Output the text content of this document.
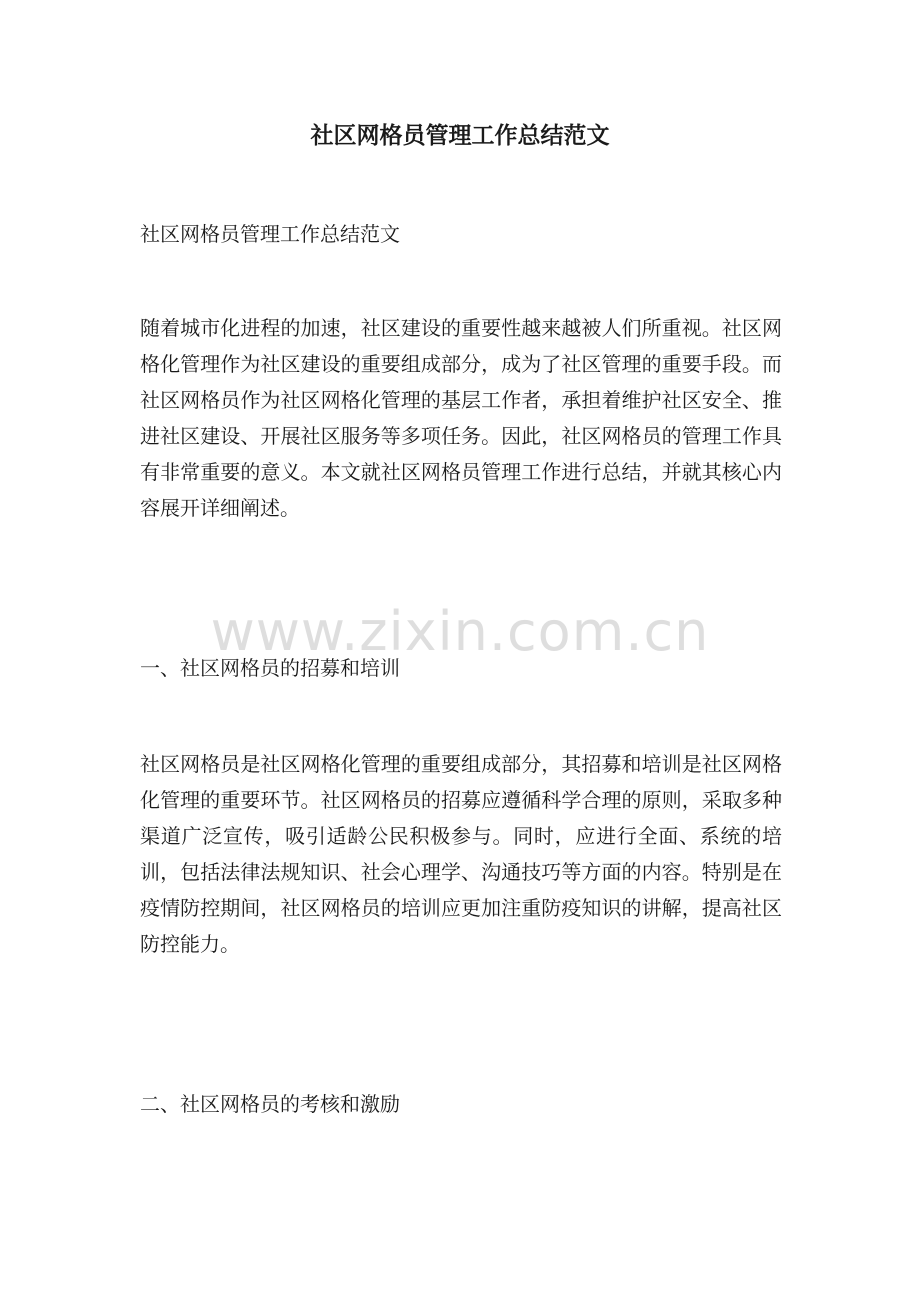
社区网格员管理工作总结范文

社区网格员管理工作总结范文

随着城市化进程的加速，社区建设的重要性越来越被人们所重视。社区网格化管理作为社区建设的重要组成部分，成为了社区管理的重要手段。而社区网格员作为社区网格化管理的基层工作者，承担着维护社区安全、推进社区建设、开展社区服务等多项任务。因此，社区网格员的管理工作具有非常重要的意义。本文就社区网格员管理工作进行总结，并就其核心内容展开详细阐述。

一、社区网格员的招募和培训

社区网格员是社区网格化管理的重要组成部分，其招募和培训是社区网格化管理的重要环节。社区网格员的招募应遵循科学合理的原则，采取多种渠道广泛宣传，吸引适龄公民积极参与。同时，应进行全面、系统的培训，包括法律法规知识、社会心理学、沟通技巧等方面的内容。特别是在疫情防控期间，社区网格员的培训应更加注重防疫知识的讲解，提高社区防控能力。

二、社区网格员的考核和激励

www.zixin.com.cn
